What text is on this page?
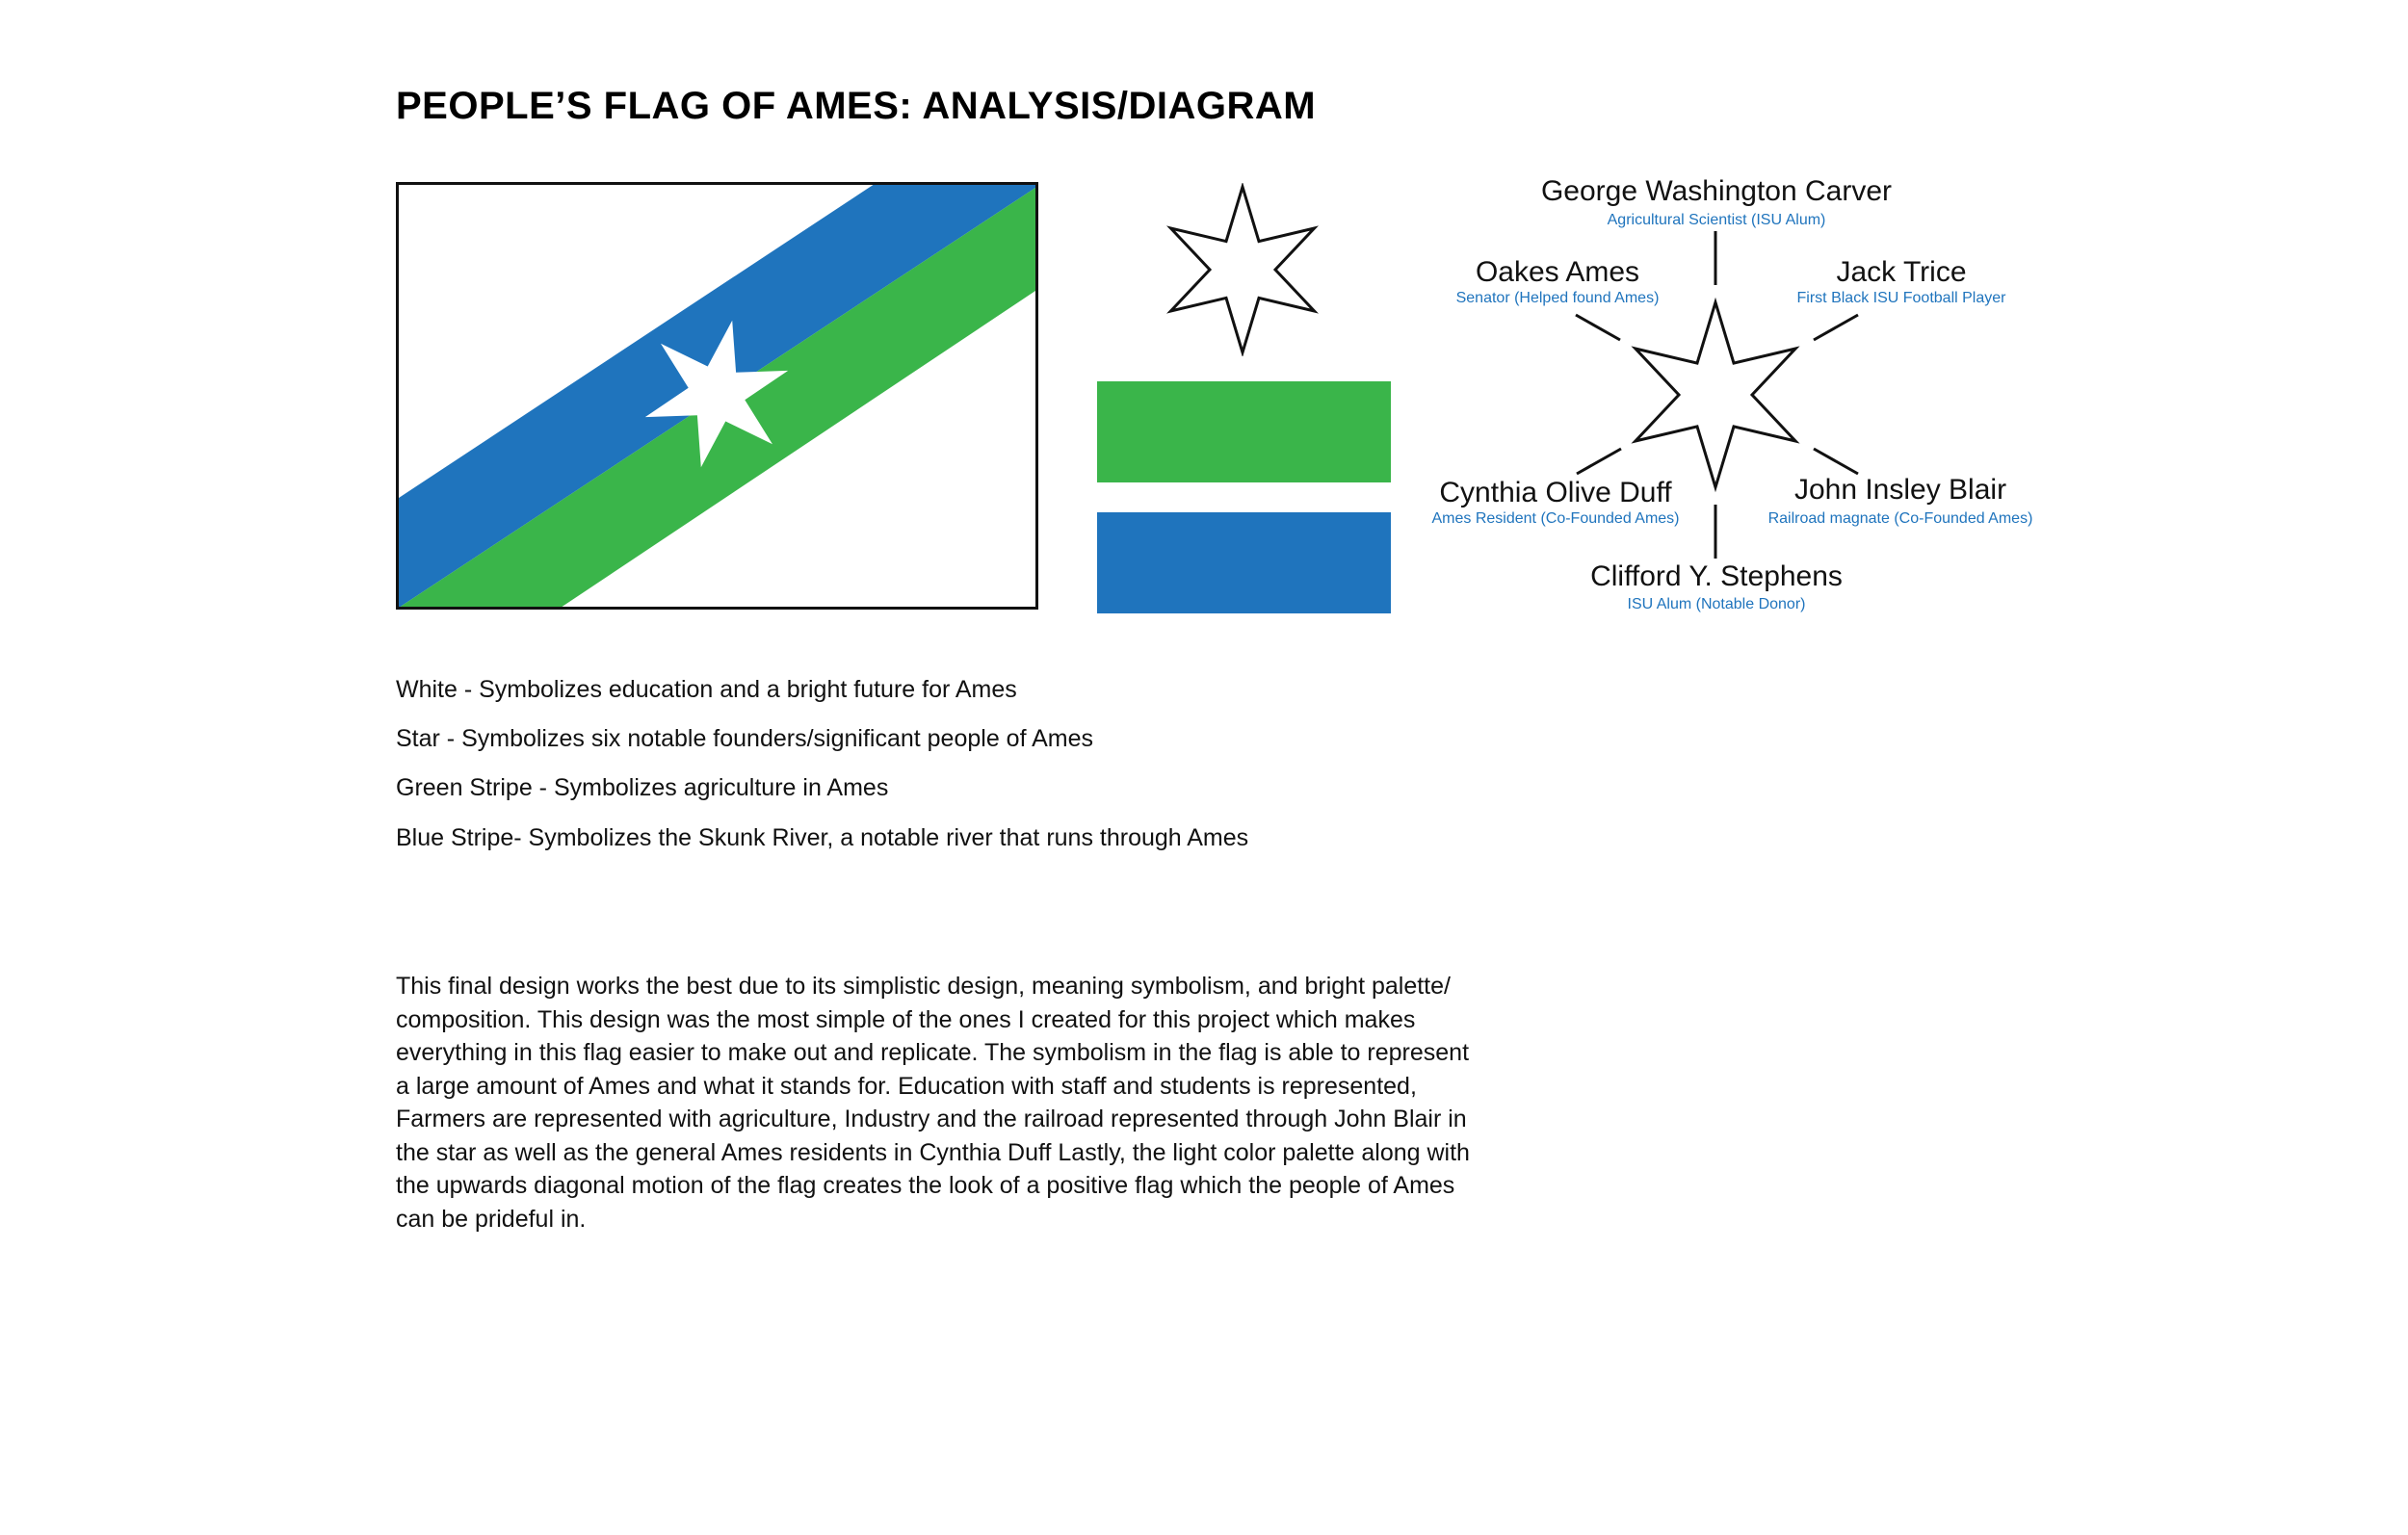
PEOPLE’S FLAG OF AMES: ANALYSIS/DIAGRAM
George Washington Carver
Agricultural Scientist (ISU Alum)
Oakes Ames
Senator (Helped found Ames)
Jack Trice
First Black ISU Football Player
Cynthia Olive Duff
Ames Resident (Co-Founded Ames)
John Insley Blair
Railroad magnate (Co-Founded Ames)
Clifford Y. Stephens
ISU Alum (Notable Donor)
White - Symbolizes education and a bright future for Ames
Star - Symbolizes six notable founders/significant people of Ames
Green Stripe - Symbolizes agriculture in Ames
Blue Stripe- Symbolizes the Skunk River, a notable river that runs through Ames
This final design works the best due to its simplistic design, meaning symbolism, and bright palette/ composition. This design was the most simple of the ones I created for this project which makes everything in this flag easier to make out and replicate. The symbolism in the flag is able to represent a large amount of Ames and what it stands for. Education with staff and students is represented, Farmers are represented with agriculture, Industry and the railroad represented through John Blair in the star as well as the general Ames residents in Cynthia Duff Lastly, the light color palette along with the upwards diagonal motion of the flag creates the look of a positive flag which the people of Ames can be prideful in.
